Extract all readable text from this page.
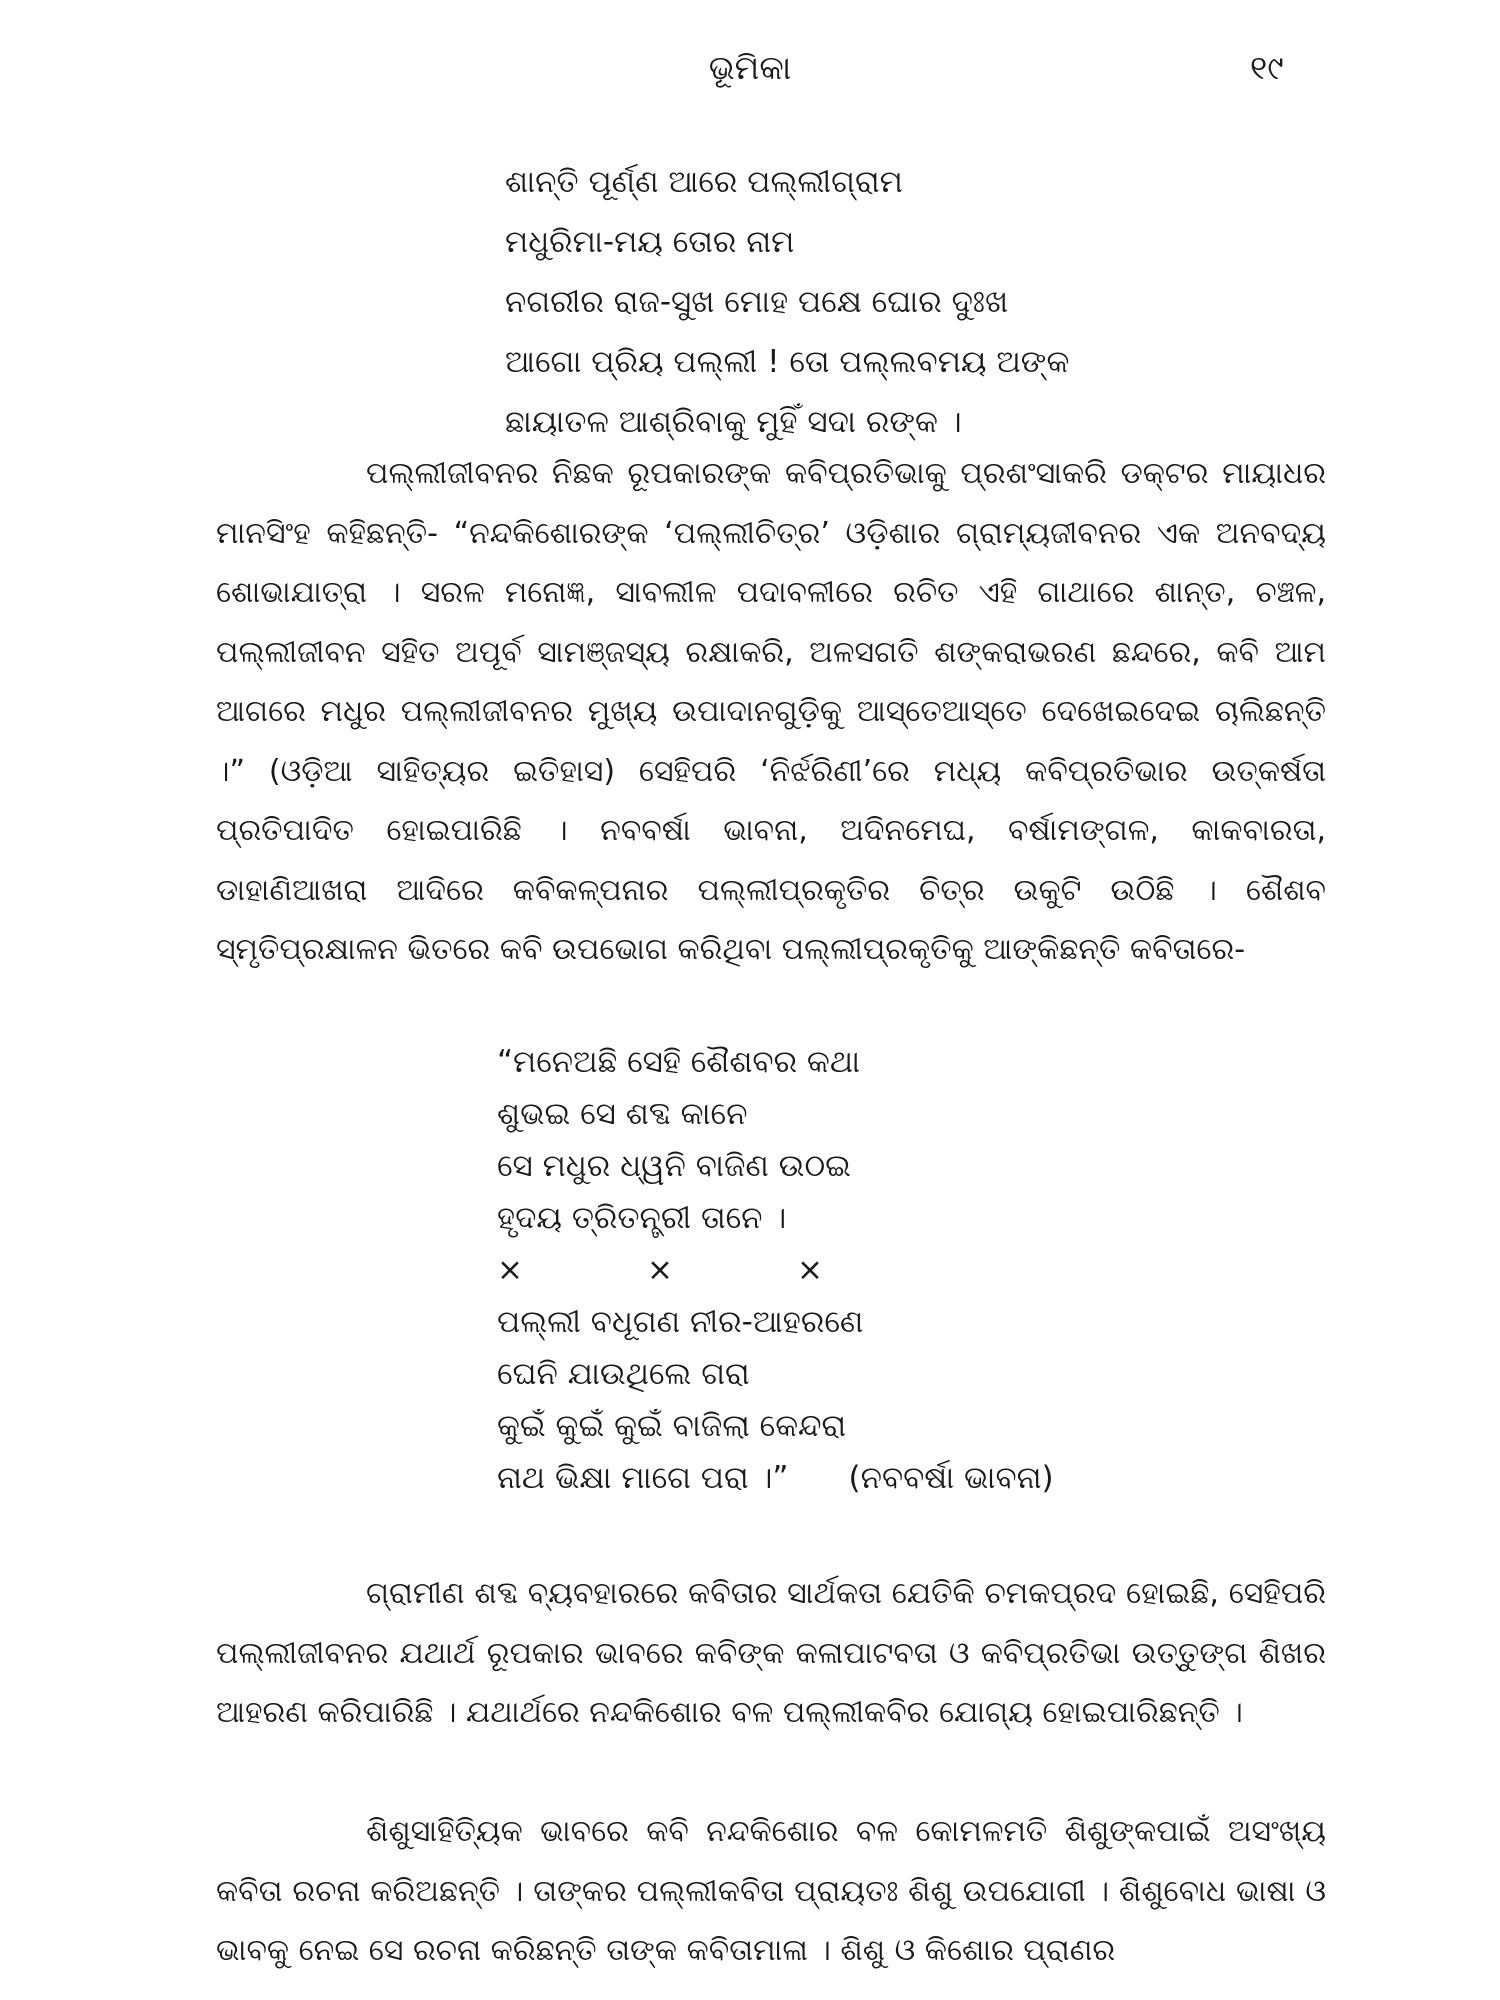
ଭୂମିକା	୧୯
ଶାନ୍ତି ପୂର୍ଣ୍ଣ ଆରେ ପଲ୍ଲୀଗ୍ରାମ
ମଧୁରିମା-ମୟ ତୋର ନାମ
ନଗରୀର ରାଜ-ସୁଖ ମୋହ ପକ୍ଷେ ଘୋର ଦୁଃଖ
ଆଗୋ ପ୍ରିୟ ପଲ୍ଲୀ ! ତୋ ପଲ୍ଲବମୟ ଅଙ୍କ
ଛାୟାତଳ ଆଶ୍ରିବାକୁ ମୁହିଁ ସଦା ରଙ୍କ ।

ପଲ୍ଲୀଜୀବନର ନିଛକ ରୂପକାରଙ୍କ କବିପ୍ରତିଭାକୁ ପ୍ରଶଂସାକରି ଡକ୍ଟର ମାୟାଧର ମାନସିଂହ କହିଛନ୍ତି- “ନନ୍ଦକିଶୋରଙ୍କ ‘ପଲ୍ଲୀଚିତ୍ର’ ଓଡ଼ିଶାର ଗ୍ରାମ୍ୟଜୀବନର ଏକ ଅନବଦ୍ୟ ଶୋଭାଯାତ୍ରା । ସରଳ ମନୋଜ୍ଞ, ସାବଲୀଳ ପଦାବଳୀରେ ରଚିତ ଏହି ଗାଥାରେ ଶାନ୍ତ, ଚଞ୍ଚଳ, ପଲ୍ଲୀଜୀବନ ସହିତ ଅପୂର୍ବ ସାମଞ୍ଜସ୍ୟ ରକ୍ଷାକରି, ଅଳସଗତି ଶଙ୍କରାଭରଣ ଛନ୍ଦରେ, କବି ଆମ ଆଗରେ ମଧୁର ପଲ୍ଲୀଜୀବନର ମୁଖ୍ୟ ଉପାଦାନଗୁଡ଼ିକୁ ଆସ୍ତେଆସ୍ତେ ଦେଖେଇଦେଇ ଚାଲିଛନ୍ତି ।” (ଓଡ଼ିଆ ସାହିତ୍ୟର ଇତିହାସ) ସେହିପରି ‘ନିର୍ଝରିଣୀ’ରେ ମଧ୍ୟ କବିପ୍ରତିଭାର ଉତ୍କର୍ଷତା ପ୍ରତିପାଦିତ ହୋଇପାରିଛି । ନବବର୍ଷା ଭାବନା, ଅଦିନମେଘ, ବର୍ଷାମଙ୍ଗଳ, କାକବାରତା, ଡାହାଣିଆଖରା ଆଦିରେ କବିକଳ୍ପନାର ପଲ୍ଲୀପ୍ରକୃତିର ଚିତ୍ର ଉକୁଟି ଉଠିଛି । ଶୈଶବ ସ୍ମୃତିପ୍ରକ୍ଷାଳନ ଭିତରେ କବି ଉପଭୋଗ କରିଥିବା ପଲ୍ଲୀପ୍ରକୃତିକୁ ଆଙ୍କିଛନ୍ତି କବିତାରେ-

“ମନେଅଛି ସେହି ଶୈଶବର କଥା
ଶୁଭଇ ସେ ଶବ୍ଦ କାନେ
ସେ ମଧୁର ଧ୍ୱନି ବାଜିଣ ଉଠଇ
ହୃଦୟ ତ୍ରିତନ୍ତ୍ରୀ ତାନେ ।
×	×	×
ପଲ୍ଲୀ ବଧୂଗଣ ନୀର-ଆହରଣେ
ଘେନି ଯାଉଥିଲେ ଗରା
କୁଇଁ କୁଇଁ କୁଇଁ ବାଜିଲା କେନ୍ଦରା
ନାଥ ଭିକ୍ଷା ମାଗେ ପରା ।” (ନବବର୍ଷା ଭାବନା)

ଗ୍ରାମୀଣ ଶବ୍ଦ ବ୍ୟବହାରରେ କବିତାର ସାର୍ଥକତା ଯେତିକି ଚମକପ୍ରଦ ହୋଇଛି, ସେହିପରି ପଲ୍ଲୀଜୀବନର ଯଥାର୍ଥ ରୂପକାର ଭାବରେ କବିଙ୍କ କଳାପାଟବତା ଓ କବିପ୍ରତିଭା ଉତ୍ତୁଙ୍ଗ ଶିଖର ଆହରଣ କରିପାରିଛି । ଯଥାର୍ଥରେ ନନ୍ଦକିଶୋର ବଳ ପଲ୍ଲୀକବିର ଯୋଗ୍ୟ ହୋଇପାରିଛନ୍ତି ।

ଶିଶୁସାହିତ୍ୟିକ ଭାବରେ କବି ନନ୍ଦକିଶୋର ବଳ କୋମଳମତି ଶିଶୁଙ୍କପାଇଁ ଅସଂଖ୍ୟ କବିତା ରଚନା କରିଅଛନ୍ତି । ତାଙ୍କର ପଲ୍ଲୀକବିତା ପ୍ରାୟତଃ ଶିଶୁ ଉପଯୋଗୀ । ଶିଶୁବୋଧ ଭାଷା ଓ ଭାବକୁ ନେଇ ସେ ରଚନା କରିଛନ୍ତି ତାଙ୍କ କବିତାମାଳା । ଶିଶୁ ଓ କିଶୋର ପ୍ରାଣର
